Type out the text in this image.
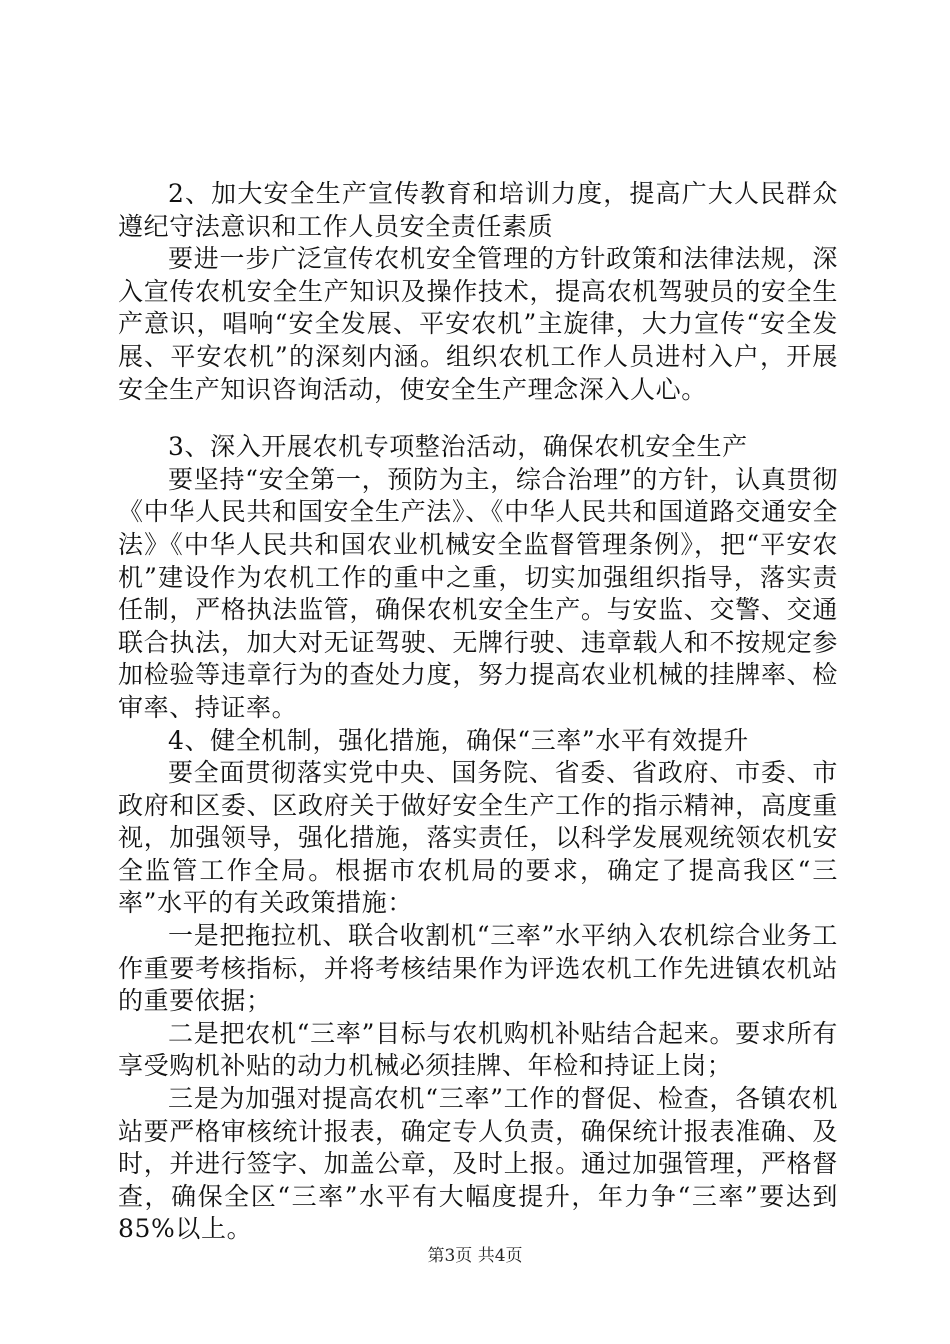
2、加大安全生产宣传教育和培训力度，提高广大人民群众遵纪守法意识和工作人员安全责任素质

要进一步广泛宣传农机安全管理的方针政策和法律法规，深入宣传农机安全生产知识及操作技术，提高农机驾驶员的安全生产意识，唱响“安全发展、平安农机”主旋律，大力宣传“安全发展、平安农机”的深刻内涵。组织农机工作人员进村入户，开展安全生产知识咨询活动，使安全生产理念深入人心。

3、深入开展农机专项整治活动，确保农机安全生产

要坚持“安全第一，预防为主，综合治理”的方针，认真贯彻《中华人民共和国安全生产法》、《中华人民共和国道路交通安全法》《中华人民共和国农业机械安全监督管理条例》，把“平安农机”建设作为农机工作的重中之重，切实加强组织指导，落实责任制，严格执法监管，确保农机安全生产。与安监、交警、交通联合执法，加大对无证驾驶、无牌行驶、违章载人和不按规定参加检验等违章行为的查处力度，努力提高农业机械的挂牌率、检审率、持证率。

4、健全机制，强化措施，确保“三率”水平有效提升

要全面贯彻落实党中央、国务院、省委、省政府、市委、市政府和区委、区政府关于做好安全生产工作的指示精神，高度重视，加强领导，强化措施，落实责任，以科学发展观统领农机安全监管工作全局。根据市农机局的要求，确定了提高我区“三率”水平的有关政策措施：

一是把拖拉机、联合收割机“三率”水平纳入农机综合业务工作重要考核指标，并将考核结果作为评选农机工作先进镇农机站的重要依据；

二是把农机“三率”目标与农机购机补贴结合起来。要求所有享受购机补贴的动力机械必须挂牌、年检和持证上岗；

三是为加强对提高农机“三率”工作的督促、检查，各镇农机站要严格审核统计报表，确定专人负责，确保统计报表准确、及时，并进行签字、加盖公章，及时上报。通过加强管理，严格督查，确保全区“三率”水平有大幅度提升，年力争“三率”要达到85%以上。

第3页 共4页
